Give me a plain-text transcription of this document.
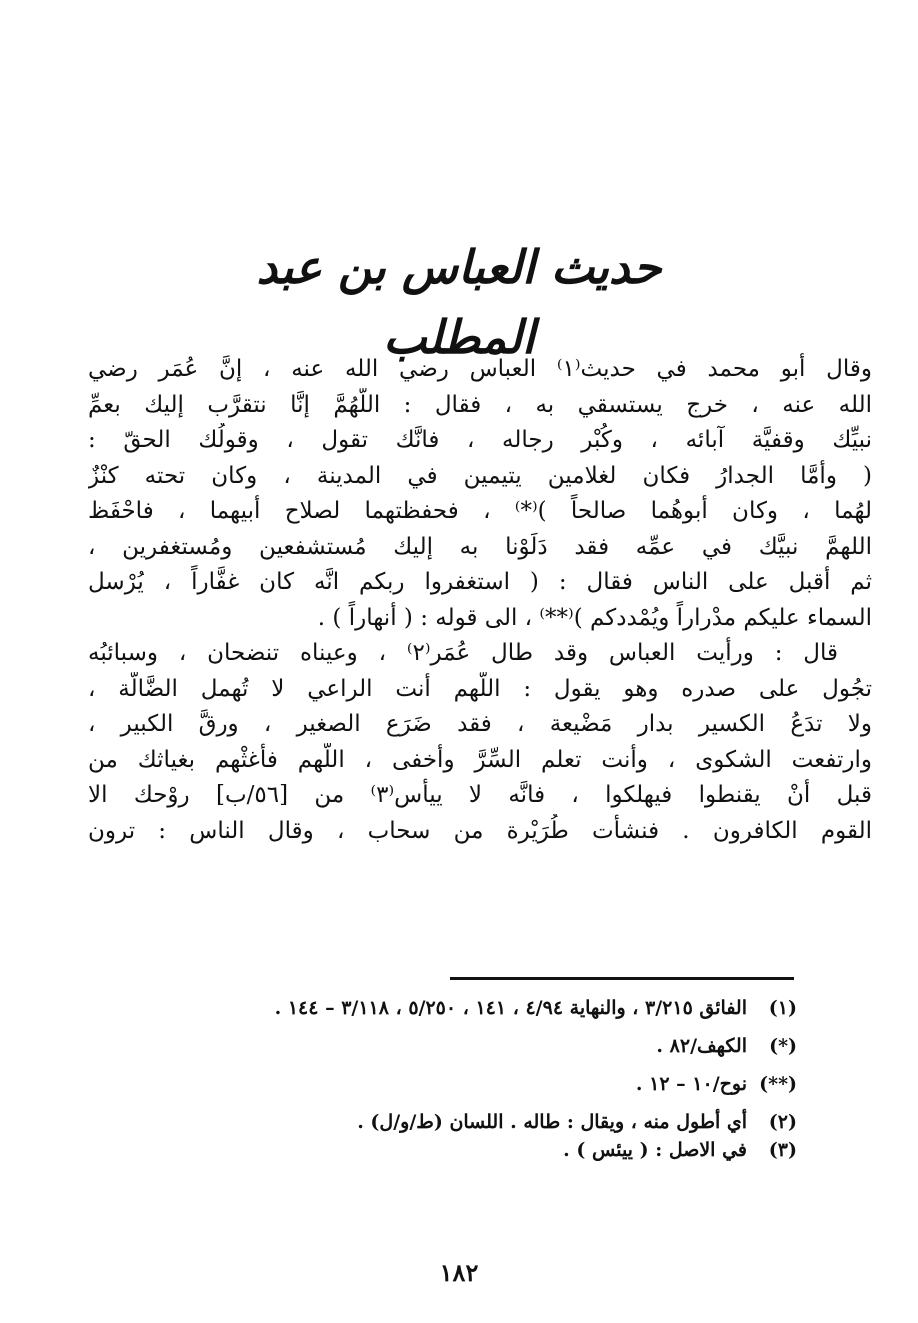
حديث العباس بن عبد المطلب
وقال أبو محمد في حديث⁽١⁾ العباس رضي الله عنه ، إنَّ عُمَر رضي
الله عنه ، خرج يستسقي به ، فقال : اللَّهُمَّ إنَّا نتقرَّب إليك بعمِّ
نبيِّك وقفيَّة آبائه ، وكُبْر رجاله ، فانَّك تقول ، وقولُك الحقّ :
( وأمَّا الجدارُ فكان لغلامين يتيمين في المدينة ، وكان تحته كنْزٌ
لهُما ، وكان أبوهُما صالحاً )⁽*⁾ ، فحفظتهما لصلاح أبيهما ، فاحْفَظ
اللهمَّ نبيَّك في عمِّه فقد دَلَوْنا به إليك مُستشفعين ومُستغفرين ،
ثم أقبل على الناس فقال : ( استغفروا ربكم انَّه كان غفَّاراً ، يُرْسل
السماء عليكم مدْراراً ويُمْددكم )⁽**⁾ ، الى قوله : ( أنهاراً ) .
قال : ورأيت العباس وقد طال عُمَر⁽٢⁾ ، وعيناه تنضحان ، وسبائبُه
تجُول على صدره وهو يقول : اللَّهم أنت الراعي لا تُهمل الضَّالَّة ،
ولا تدَعُ الكسير بدار مَضْيعة ، فقد ضَرَع الصغير ، ورقَّ الكبير ،
وارتفعت الشكوى ، وأنت تعلم السِّرَّ وأخفى ، اللَّهم فأغثْهم بغياثك من
قبل أنْ يقنطوا فيهلكوا ، فانَّه لا ييأس⁽٣⁾ من [٥٦/ب] روْحك الا
القوم الكافرون . فنشأت طُرَيْرة من سحاب ، وقال الناس : ترون
(١)
الفائق ٣/٢١٥ ، والنهاية ٤/٩٤ ، ١٤١ ، ٥/٢٥٠ ، ٣/١١٨ – ١٤٤ .
(*)
الكهف/٨٢ .
(**)
نوح/١٠ – ١٢ .
(٢)
أي أطول منه ، ويقال : طاله . اللسان (ط/و/ل) .
(٣)
في الاصل : ( ييئس ) .
١٨٢
